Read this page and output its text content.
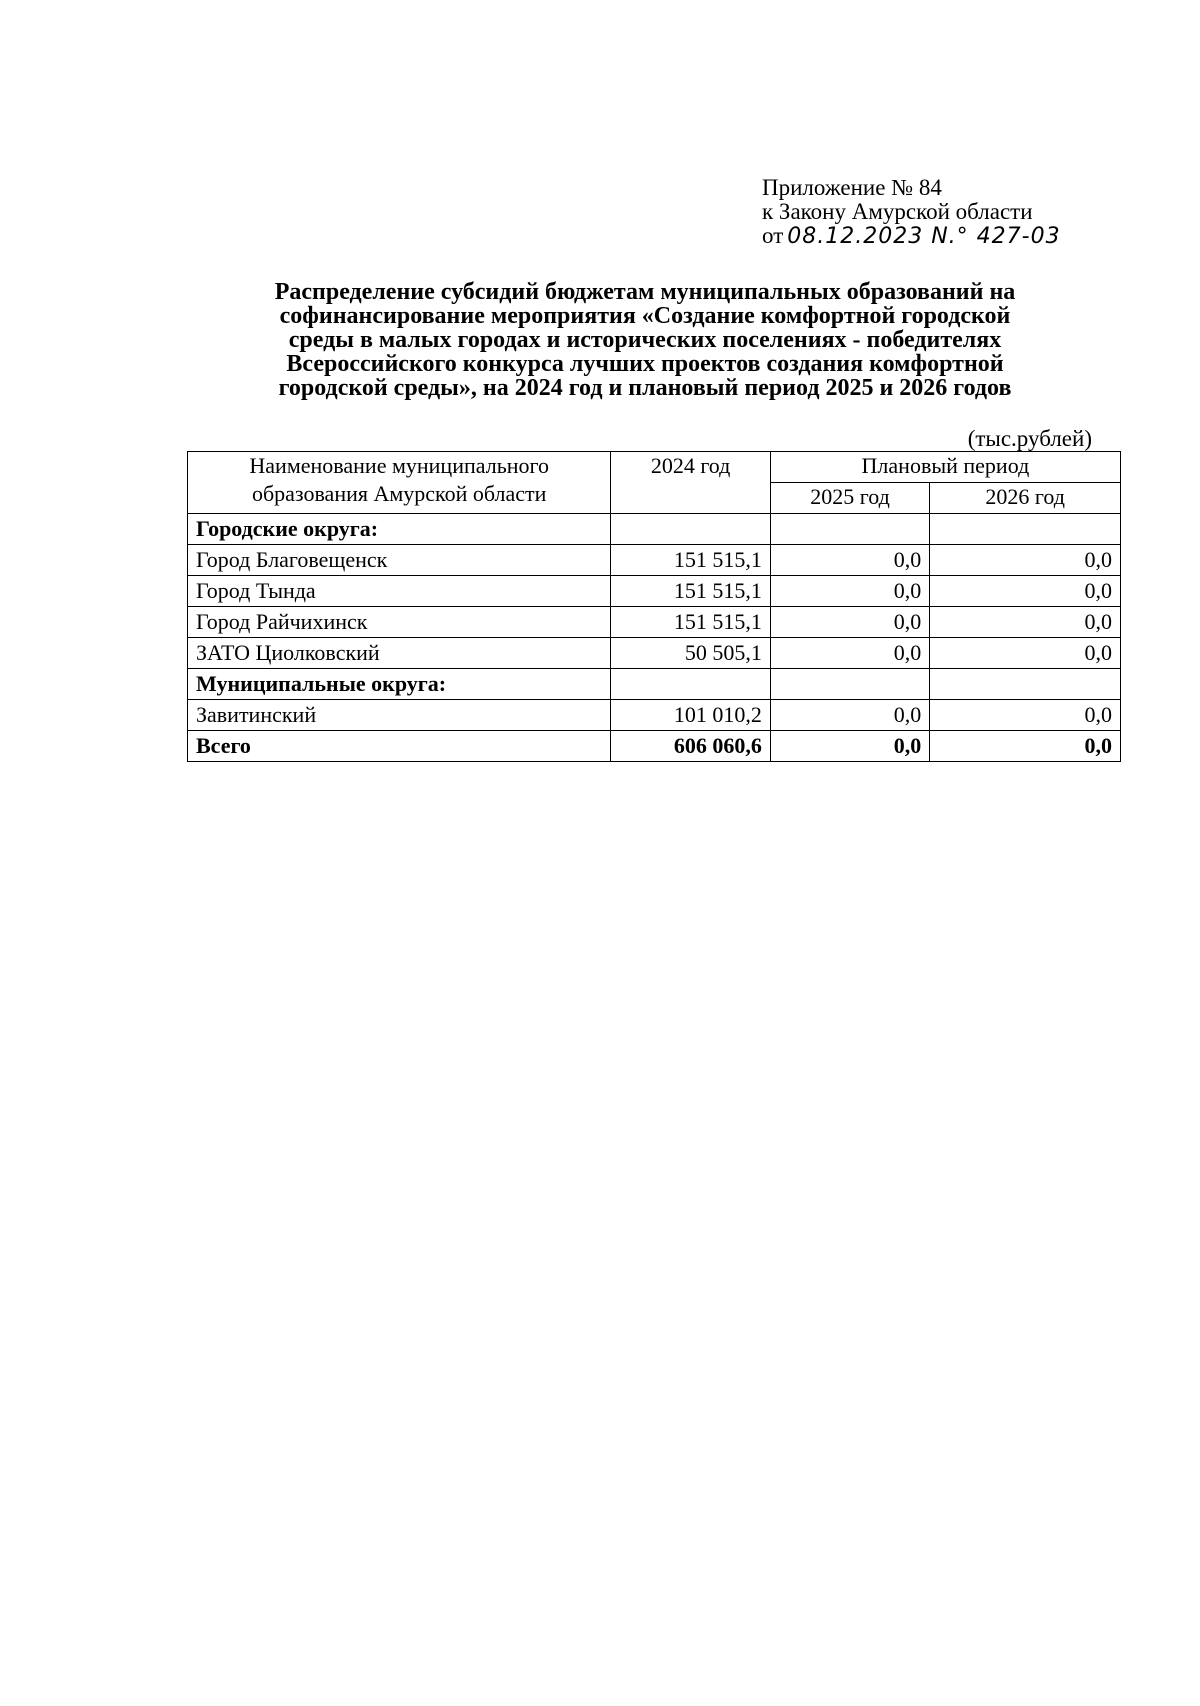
Приложение № 84
к Закону Амурской области
от 08.12.2023 N.° 427-03
Распределение субсидий бюджетам муниципальных образований на
софинансирование мероприятия «Создание комфортной городской
среды в малых городах и исторических поселениях - победителях
Всероссийского конкурса лучших проектов создания комфортной
городской среды», на 2024 год и плановый период 2025 и 2026 годов
(тыс.рублей)
Наименование муниципального образования Амурской области	2024 год	Плановый период	
		2025 год	2026 год
Городские округа:			
Город Благовещенск	151 515,1	0,0	0,0
Город Тында	151 515,1	0,0	0,0
Город Райчихинск	151 515,1	0,0	0,0
ЗАТО Циолковский	50 505,1	0,0	0,0
Муниципальные округа:			
Завитинский	101 010,2	0,0	0,0
Всего	606 060,6	0,0	0,0
